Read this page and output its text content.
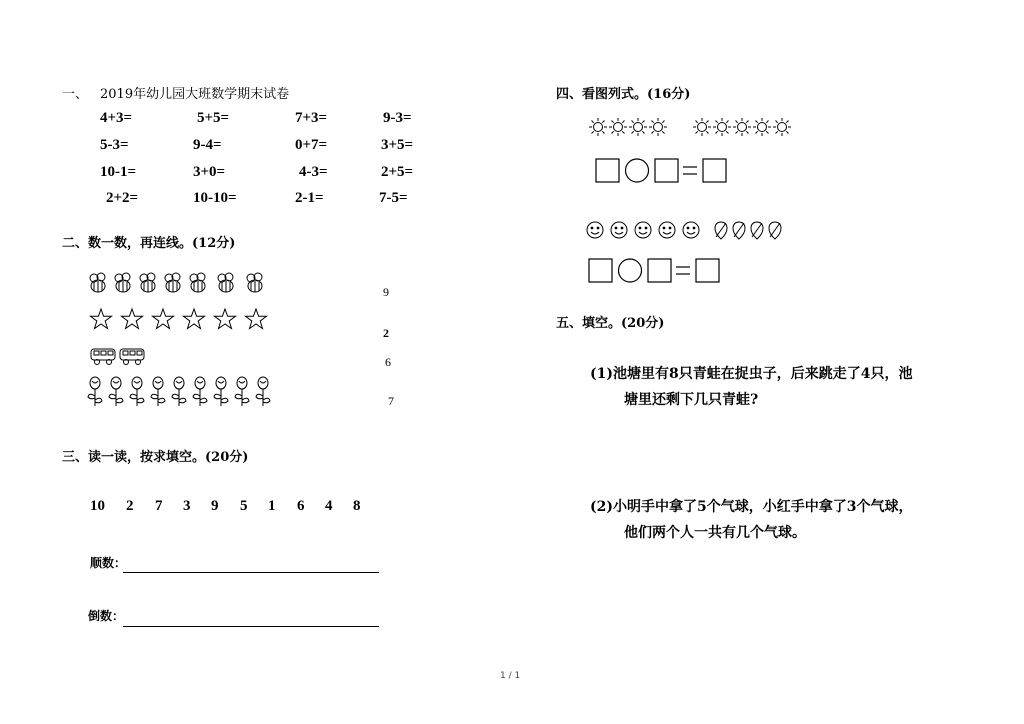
一、 2019年幼儿园大班数学期末试卷
4+3=	5+5=	7+3=	9-3=
5-3=	9-4=	0+7=	3+5=
10-1=	3+0=	4-3=	2+5=
2+2=	10-10=	2-1=	7-5=
二、数一数，再连线。(12分)
9
2
6
7
三、读一读，按求填空。(20分)
10 2 7 3 9 5 1 6 4 8
顺数：
倒数：
四、看图列式。(16分)
五、填空。(20分)
(1)池塘里有8只青蛙在捉虫子，后来跳走了4只，池
塘里还剩下几只青蛙?
(2)小明手中拿了5个气球，小红手中拿了3个气球，
他们两个人一共有几个气球。
1 / 1
